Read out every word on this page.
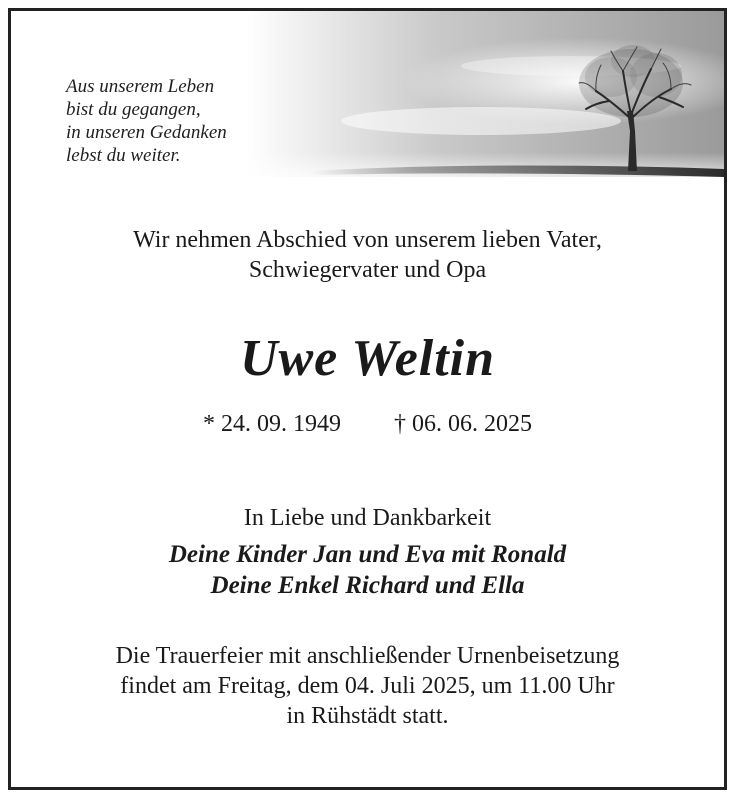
Aus unserem Leben
bist du gegangen,
in unseren Gedanken
lebst du weiter.
Wir nehmen Abschied von unserem lieben Vater,
Schwiegervater und Opa
Uwe Weltin
* 24. 09. 1949 † 06. 06. 2025
In Liebe und Dankbarkeit
Deine Kinder Jan und Eva mit Ronald
Deine Enkel Richard und Ella
Die Trauerfeier mit anschließender Urnenbeisetzung
findet am Freitag, dem 04. Juli 2025, um 11.00 Uhr
in Rühstädt statt.
